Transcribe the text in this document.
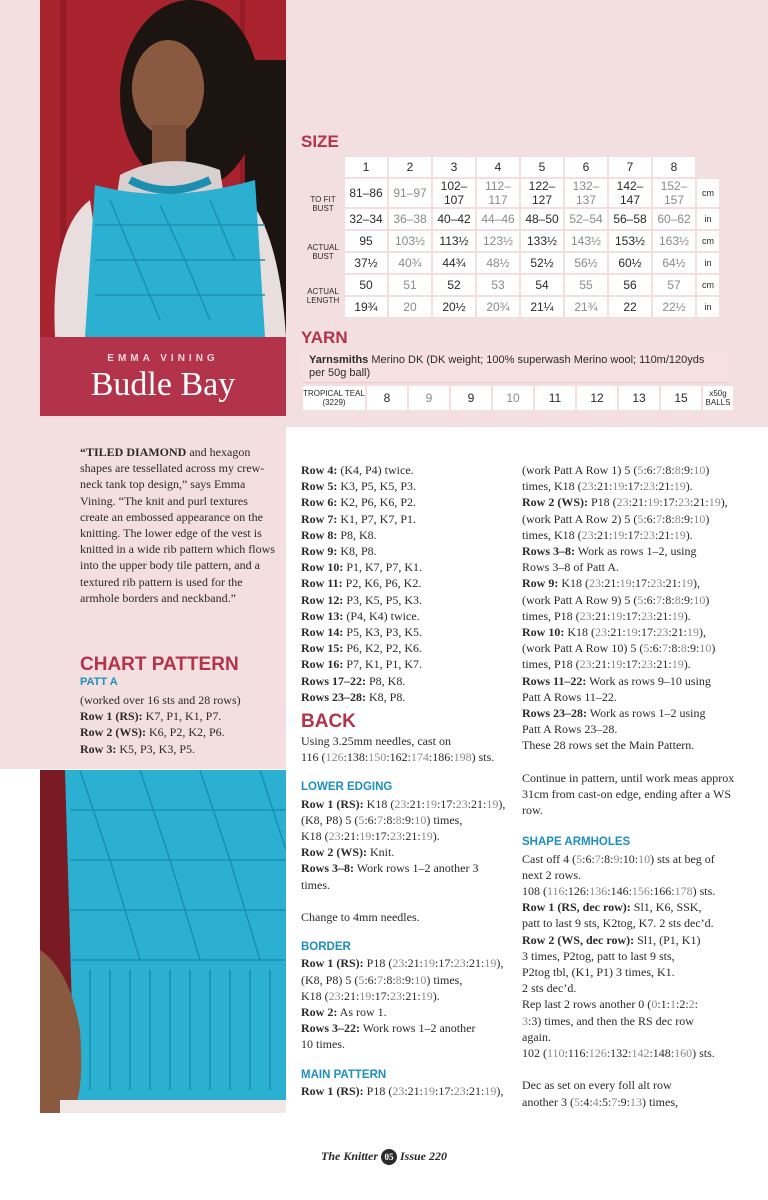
EMMA VINING
Budle Bay
SIZE
	1	2	3	4	5	6	7	8	
TO FIT BUST	81–86	91–97	102–107	112–117	122–127	132–137	142–147	152–157	cm
	32–34	36–38	40–42	44–46	48–50	52–54	56–58	60–62	in
ACTUAL BUST	95	103½	113½	123½	133½	143½	153½	163½	cm
	37½	40¾	44¾	48½	52½	56½	60½	64½	in
ACTUAL LENGTH	50	51	52	53	54	55	56	57	cm
	19¾	20	20½	20¾	21¼	21¾	22	22½	in
YARN
Yarnsmiths Merino DK (DK weight; 100% superwash Merino wool; 110m/120yds per 50g ball)
TROPICAL TEAL (3229)	8	9	9	10	11	12	13	15	x50g BALLS
“TILED DIAMOND and hexagon shapes are tessellated across my crew-neck tank top design,” says Emma Vining. “The knit and purl textures create an embossed appearance on the knitting. The lower edge of the vest is knitted in a wide rib pattern which flows into the upper body tile pattern, and a textured rib pattern is used for the armhole borders and neckband.”
CHART PATTERN
PATT A

(worked over 16 sts and 28 rows)

Row 1 (RS): K7, P1, K1, P7.

Row 2 (WS): K6, P2, K2, P6.

Row 3: K5, P3, K3, P5.

Row 4: (K4, P4) twice.

Row 5: K3, P5, K5, P3.

Row 6: K2, P6, K6, P2.

Row 7: K1, P7, K7, P1.

Row 8: P8, K8.

Row 9: K8, P8.

Row 10: P1, K7, P7, K1.

Row 11: P2, K6, P6, K2.

Row 12: P3, K5, P5, K3.

Row 13: (P4, K4) twice.

Row 14: P5, K3, P3, K5.

Row 15: P6, K2, P2, K6.

Row 16: P7, K1, P1, K7.

Rows 17–22: P8, K8.

Rows 23–28: K8, P8.

BACK

Using 3.25mm needles, cast on

116 (126:138:150:162:174:186:198) sts.

LOWER EDGING

Row 1 (RS): K18 (23:21:19:17:23:21:19),

(K8, P8) 5 (5:6:7:8:8:9:10) times,

K18 (23:21:19:17:23:21:19).

Row 2 (WS): Knit.

Rows 3–8: Work rows 1–2 another 3

times.

Change to 4mm needles.

BORDER

Row 1 (RS): P18 (23:21:19:17:23:21:19),

(K8, P8) 5 (5:6:7:8:8:9:10) times,

K18 (23:21:19:17:23:21:19).

Row 2: As row 1.

Rows 3–22: Work rows 1–2 another

10 times.

MAIN PATTERN

Row 1 (RS): P18 (23:21:19:17:23:21:19),

(work Patt A Row 1) 5 (5:6:7:8:8:9:10)

times, K18 (23:21:19:17:23:21:19).

Row 2 (WS): P18 (23:21:19:17:23:21:19),

(work Patt A Row 2) 5 (5:6:7:8:8:9:10)

times, K18 (23:21:19:17:23:21:19).

Rows 3–8: Work as rows 1–2, using

Rows 3–8 of Patt A.

Row 9: K18 (23:21:19:17:23:21:19),

(work Patt A Row 9) 5 (5:6:7:8:8:9:10)

times, P18 (23:21:19:17:23:21:19).

Row 10: K18 (23:21:19:17:23:21:19),

(work Patt A Row 10) 5 (5:6:7:8:8:9:10)

times, P18 (23:21:19:17:23:21:19).

Rows 11–22: Work as rows 9–10 using

Patt A Rows 11–22.

Rows 23–28: Work as rows 1–2 using

Patt A Rows 23–28.

These 28 rows set the Main Pattern.

Continue in pattern, until work meas approx 31cm from cast-on edge, ending after a WS row.

SHAPE ARMHOLES

Cast off 4 (5:6:7:8:9:10:10) sts at beg of

next 2 rows.

108 (116:126:136:146:156:166:178) sts.

Row 1 (RS, dec row): Sl1, K6, SSK,

patt to last 9 sts, K2tog, K7. 2 sts dec’d.

Row 2 (WS, dec row): Sl1, (P1, K1)

3 times, P2tog, patt to last 9 sts,

P2tog tbl, (K1, P1) 3 times, K1.

2 sts dec’d.

Rep last 2 rows another 0 (0:1:1:2:2:

3:3) times, and then the RS dec row

again.

102 (110:116:126:132:142:148:160) sts.

Dec as set on every foll alt row

another 3 (5:4:4:5:7:9:13) times,

The Knitter 05 Issue 220
